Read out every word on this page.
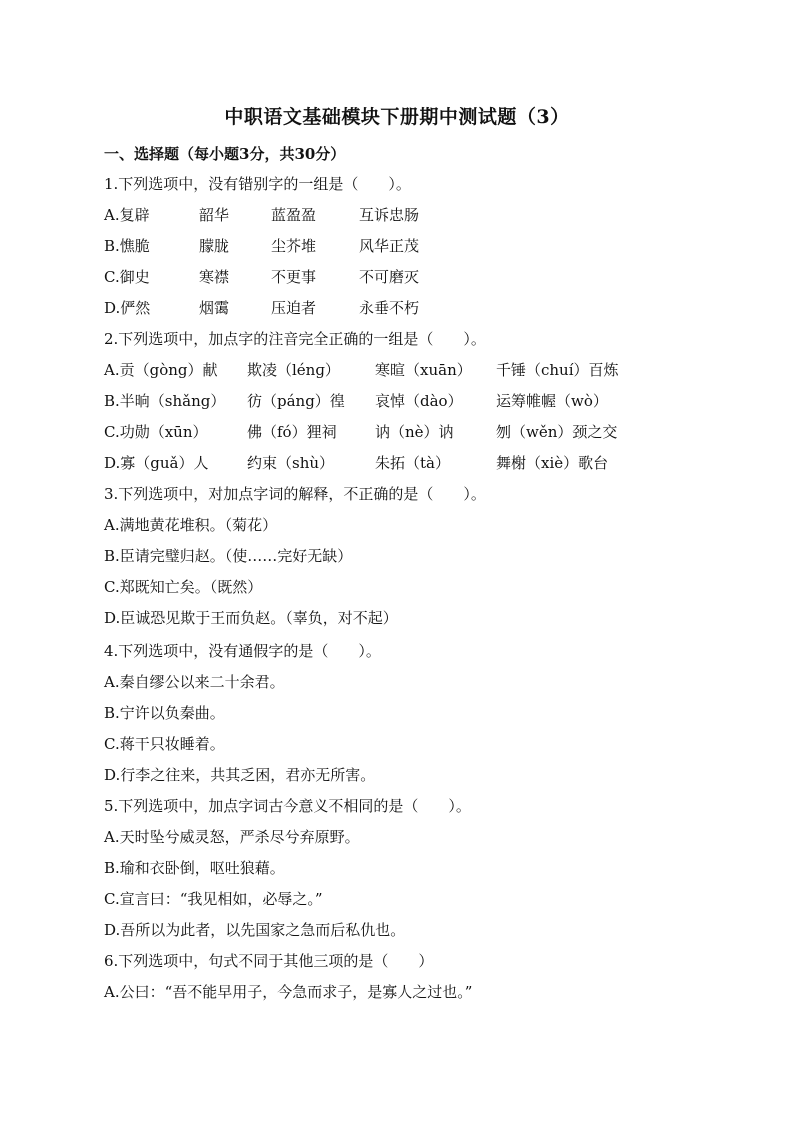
中职语文基础模块下册期中测试题（3）
一、选择题（每小题3分，共30分）
1.下列选项中，没有错别字的一组是（　　）。
A.复辟	韶华	蓝盈盈	互诉忠肠
B.憔脆	朦胧	尘芥堆	风华正茂
C.御史	寒襟	不更事	不可磨灭
D.俨然	烟霭	压迫者	永垂不朽
2.下列选项中，加点字的注音完全正确的一组是（　　）。
A.贡（gòng）献 欺凌（lénɡ） 寒暄（xuān） 千锤（chuí）百炼
B.半晌（shǎng） 彷（páng）徨 哀悼（dào） 运筹帷幄（wò）
C.功勋（xūn）	佛（fó）狸祠	讷（nè）讷	刎（wěn）颈之交
D.寡（guǎ）人	约束（shù）	朱拓（tà）	舞榭（xiè）歌台
3.下列选项中，对加点字词的解释，不正确的是（　　）。
A.满地黄花堆积。（菊花）
B.臣请完璧归赵。（使……完好无缺）
C.郑既知亡矣。（既然）
D.臣诚恐见欺于王而负赵。（辜负，对不起）
4.下列选项中，没有通假字的是（　　）。
A.秦自缪公以来二十余君。
B.宁许以负秦曲。
C.蒋干只妆睡着。
D.行李之往来，共其乏困，君亦无所害。
5.下列选项中，加点字词古今意义不相同的是（　　）。
A.天时坠兮威灵怒，严杀尽兮弃原野。
B.瑜和衣卧倒，呕吐狼藉。
C.宣言曰：“我见相如，必辱之。”
D.吾所以为此者，以先国家之急而后私仇也。
6.下列选项中，句式不同于其他三项的是（　　）
A.公曰：“吾不能早用子，今急而求子，是寡人之过也。”
